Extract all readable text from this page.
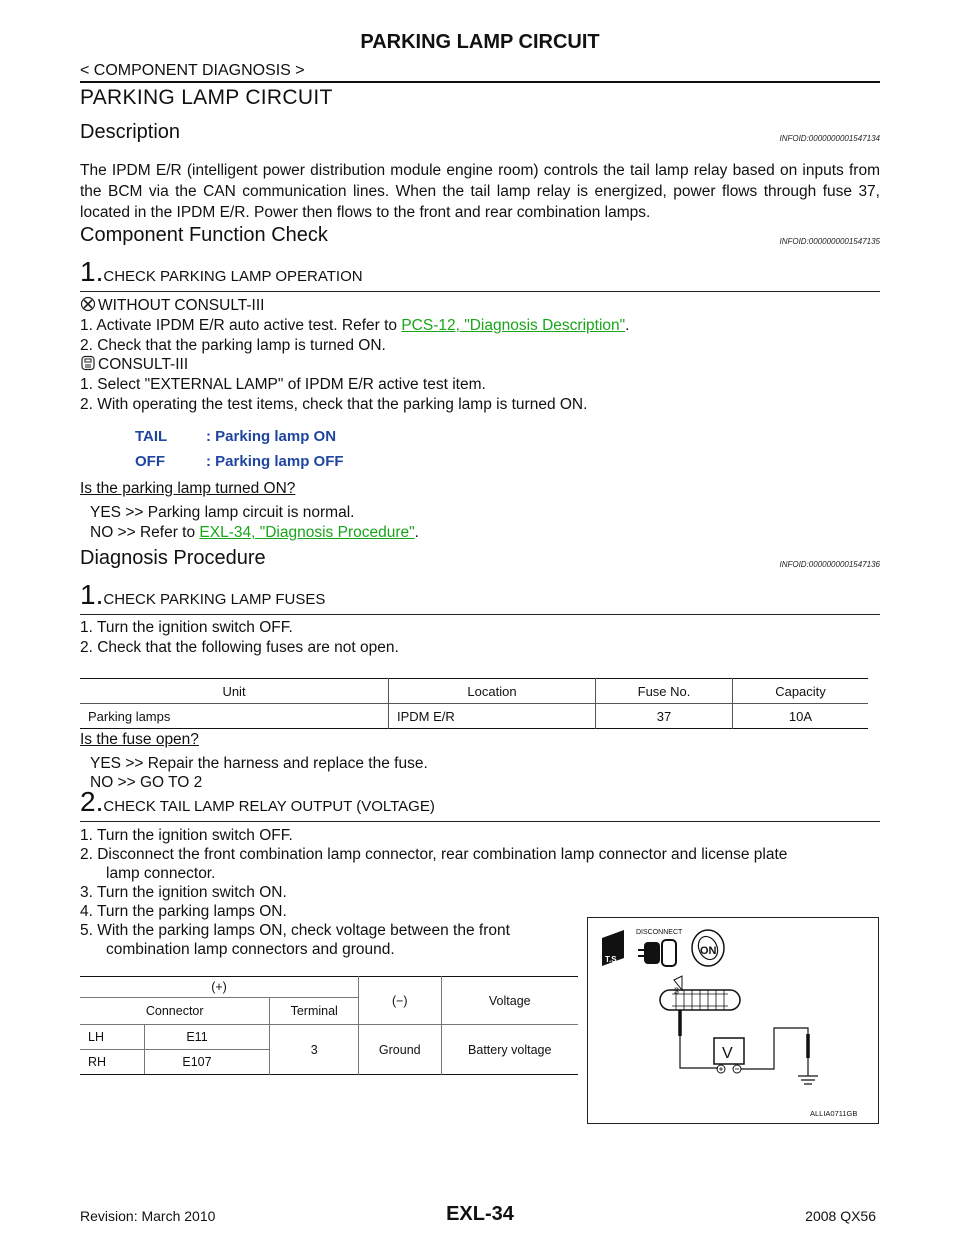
PARKING LAMP CIRCUIT
< COMPONENT DIAGNOSIS >
PARKING LAMP CIRCUIT
Description	INFOID:0000000001547134
The IPDM E/R (intelligent power distribution module engine room) controls the tail lamp relay based on inputs from the BCM via the CAN communication lines. When the tail lamp relay is energized, power flows through fuse 37, located in the IPDM E/R. Power then flows to the front and rear combination lamps.
Component Function Check	INFOID:0000000001547135
1.CHECK PARKING LAMP OPERATION
WITHOUT CONSULT-III
1. Activate IPDM E/R auto active test. Refer to PCS-12, "Diagnosis Description".
2. Check that the parking lamp is turned ON.
CONSULT-III
1. Select "EXTERNAL LAMP" of IPDM E/R active test item.
2. With operating the test items, check that the parking lamp is turned ON.
TAIL	: Parking lamp ON
OFF	: Parking lamp OFF
Is the parking lamp turned ON?
YES >> Parking lamp circuit is normal.
NO >> Refer to EXL-34, "Diagnosis Procedure".
Diagnosis Procedure	INFOID:0000000001547136
1.CHECK PARKING LAMP FUSES
1. Turn the ignition switch OFF.
2. Check that the following fuses are not open.
Unit	Location	Fuse No.	Capacity
Parking lamps	IPDM E/R	37	10A
Is the fuse open?
YES >> Repair the harness and replace the fuse.
NO >> GO TO 2
2.CHECK TAIL LAMP RELAY OUTPUT (VOLTAGE)
1. Turn the ignition switch OFF.
2. Disconnect the front combination lamp connector, rear combination lamp connector and license plate
lamp connector.
3. Turn the ignition switch ON.
4. Turn the parking lamps ON.
5. With the parking lamps ON, check voltage between the front
combination lamp connectors and ground.
(+)		(−)	Voltage
Connector	Terminal		
LH E11	3	Ground	Battery voltage
RH E107			
T.S.
DISCONNECT
ON
3
V
ALLIA0711GB
Revision: March 2010	EXL-34	2008 QX56
